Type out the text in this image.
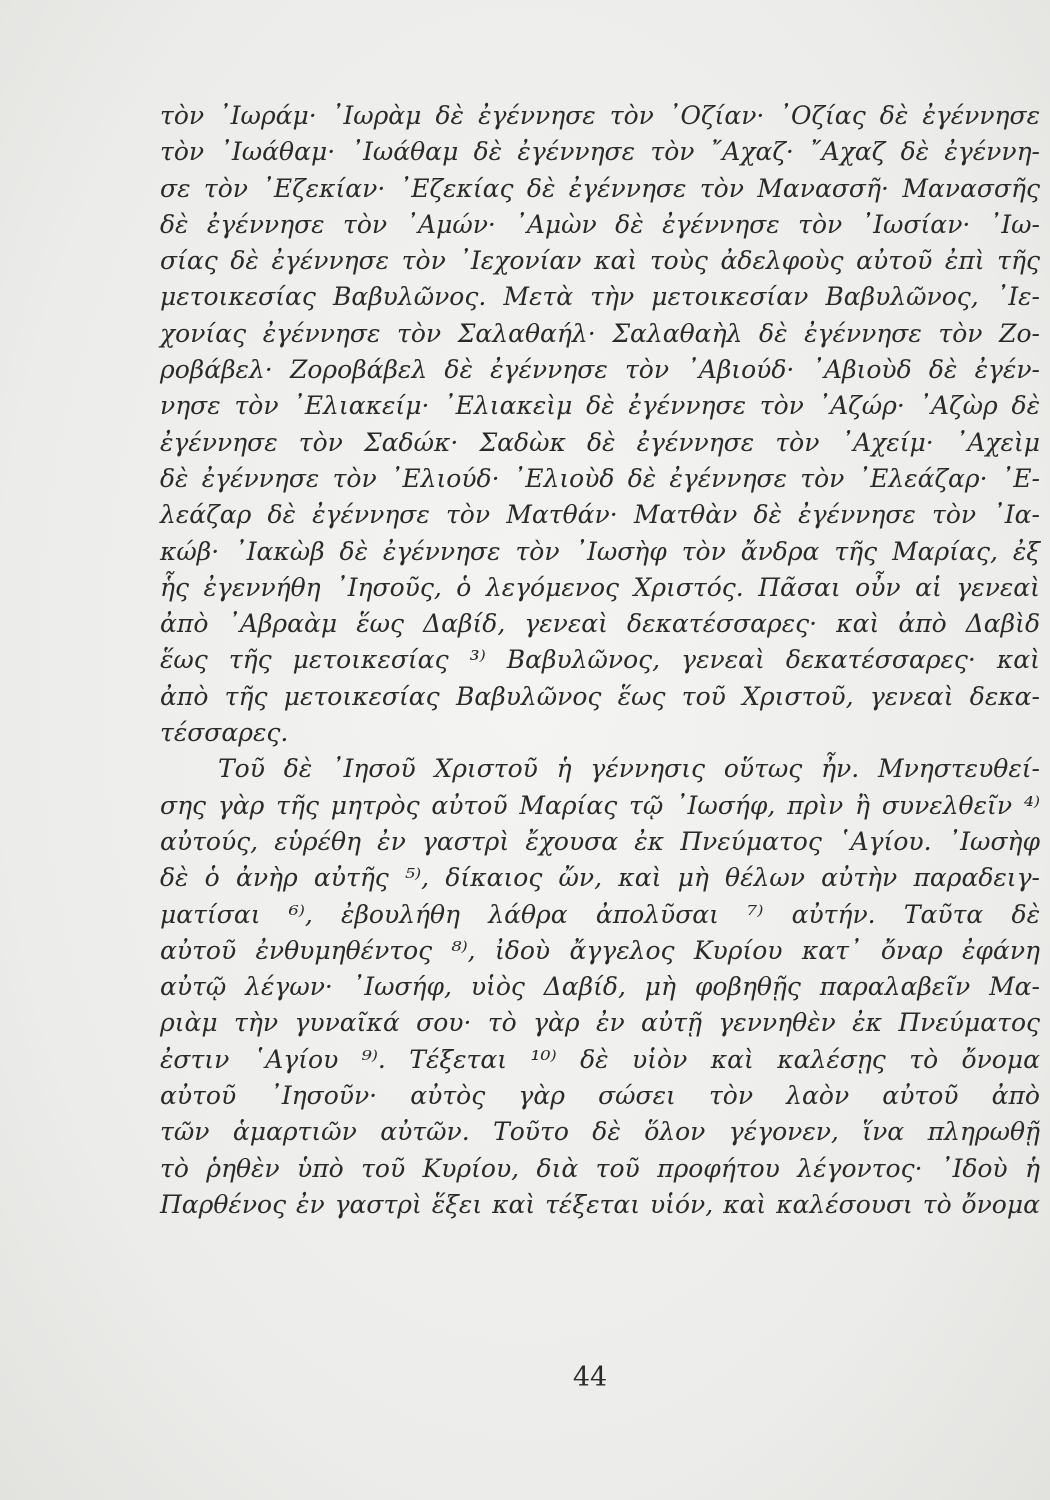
τὸν ᾿Ιωράμ· ᾿Ιωρὰμ δὲ ἐγέννησε τὸν ᾿Οζίαν· ᾿Οζίας δὲ ἐγέννησε
τὸν ᾿Ιωάθαμ· ᾿Ιωάθαμ δὲ ἐγέννησε τὸν ῎Αχαζ· ῎Αχαζ δὲ ἐγέννη-
σε τὸν ᾿Εζεκίαν· ᾿Εζεκίας δὲ ἐγέννησε τὸν Μανασσῆ· Μανασσῆς
δὲ ἐγέννησε τὸν ᾿Αμών· ᾿Αμὼν δὲ ἐγέννησε τὸν ᾿Ιωσίαν· ᾿Ιω-
σίας δὲ ἐγέννησε τὸν ᾿Ιεχονίαν καὶ τοὺς ἀδελφοὺς αὐτοῦ ἐπὶ τῆς
μετοικεσίας Βαβυλῶνος. Μετὰ τὴν μετοικεσίαν Βαβυλῶνος, ᾿Ιε-
χονίας ἐγέννησε τὸν Σαλαθαήλ· Σαλαθαὴλ δὲ ἐγέννησε τὸν Ζο-
ροβάβελ· Ζοροβάβελ δὲ ἐγέννησε τὸν ᾿Αβιούδ· ᾿Αβιοὺδ δὲ ἐγέν-
νησε τὸν ᾿Ελιακείμ· ᾿Ελιακεὶμ δὲ ἐγέννησε τὸν ᾿Αζώρ· ᾿Αζὼρ δὲ
ἐγέννησε τὸν Σαδώκ· Σαδὼκ δὲ ἐγέννησε τὸν ᾿Αχείμ· ᾿Αχεὶμ
δὲ ἐγέννησε τὸν ᾿Ελιούδ· ᾿Ελιοὺδ δὲ ἐγέννησε τὸν ᾿Ελεάζαρ· ᾿Ε-
λεάζαρ δὲ ἐγέννησε τὸν Ματθάν· Ματθὰν δὲ ἐγέννησε τὸν ᾿Ια-
κώβ· ᾿Ιακὼβ δὲ ἐγέννησε τὸν ᾿Ιωσὴφ τὸν ἄνδρα τῆς Μαρίας, ἐξ
ἧς ἐγεννήθη ᾿Ιησοῦς, ὁ λεγόμενος Χριστός. Πᾶσαι οὖν αἱ γενεαὶ
ἀπὸ ᾿Αβραὰμ ἕως Δαβίδ, γενεαὶ δεκατέσσαρες· καὶ ἀπὸ Δαβὶδ
ἕως τῆς μετοικεσίας ³⁾ Βαβυλῶνος, γενεαὶ δεκατέσσαρες· καὶ
ἀπὸ τῆς μετοικεσίας Βαβυλῶνος ἕως τοῦ Χριστοῦ, γενεαὶ δεκα-
τέσσαρες.
Τοῦ δὲ ᾿Ιησοῦ Χριστοῦ ἡ γέννησις οὕτως ἦν. Μνηστευθεί-
σης γὰρ τῆς μητρὸς αὐτοῦ Μαρίας τῷ ᾿Ιωσήφ, πρὶν ἢ συνελθεῖν ⁴⁾
αὐτούς, εὑρέθη ἐν γαστρὶ ἔχουσα ἐκ Πνεύματος ῾Αγίου. ᾿Ιωσὴφ
δὲ ὁ ἀνὴρ αὐτῆς ⁵⁾, δίκαιος ὤν, καὶ μὴ θέλων αὐτὴν παραδειγ-
ματίσαι ⁶⁾, ἐβουλήθη λάθρα ἀπολῦσαι ⁷⁾ αὐτήν. Ταῦτα δὲ
αὐτοῦ ἐνθυμηθέντος ⁸⁾, ἰδοὺ ἄγγελος Κυρίου κατ᾿ ὄναρ ἐφάνη
αὐτῷ λέγων· ᾿Ιωσήφ, υἱὸς Δαβίδ, μὴ φοβηθῇς παραλαβεῖν Μα-
ριὰμ τὴν γυναῖκά σου· τὸ γὰρ ἐν αὐτῇ γεννηθὲν ἐκ Πνεύματος
ἐστιν ῾Αγίου ⁹⁾. Τέξεται ¹⁰⁾ δὲ υἱὸν καὶ καλέσῃς τὸ ὄνομα
αὐτοῦ ᾿Ιησοῦν· αὐτὸς γὰρ σώσει τὸν λαὸν αὐτοῦ ἀπὸ
τῶν ἁμαρτιῶν αὐτῶν. Τοῦτο δὲ ὅλον γέγονεν, ἵνα πληρωθῇ
τὸ ῥηθὲν ὑπὸ τοῦ Κυρίου, διὰ τοῦ προφήτου λέγοντος· ᾿Ιδοὺ ἡ
Παρθένος ἐν γαστρὶ ἕξει καὶ τέξεται υἱόν, καὶ καλέσουσι τὸ ὄνομα
44
